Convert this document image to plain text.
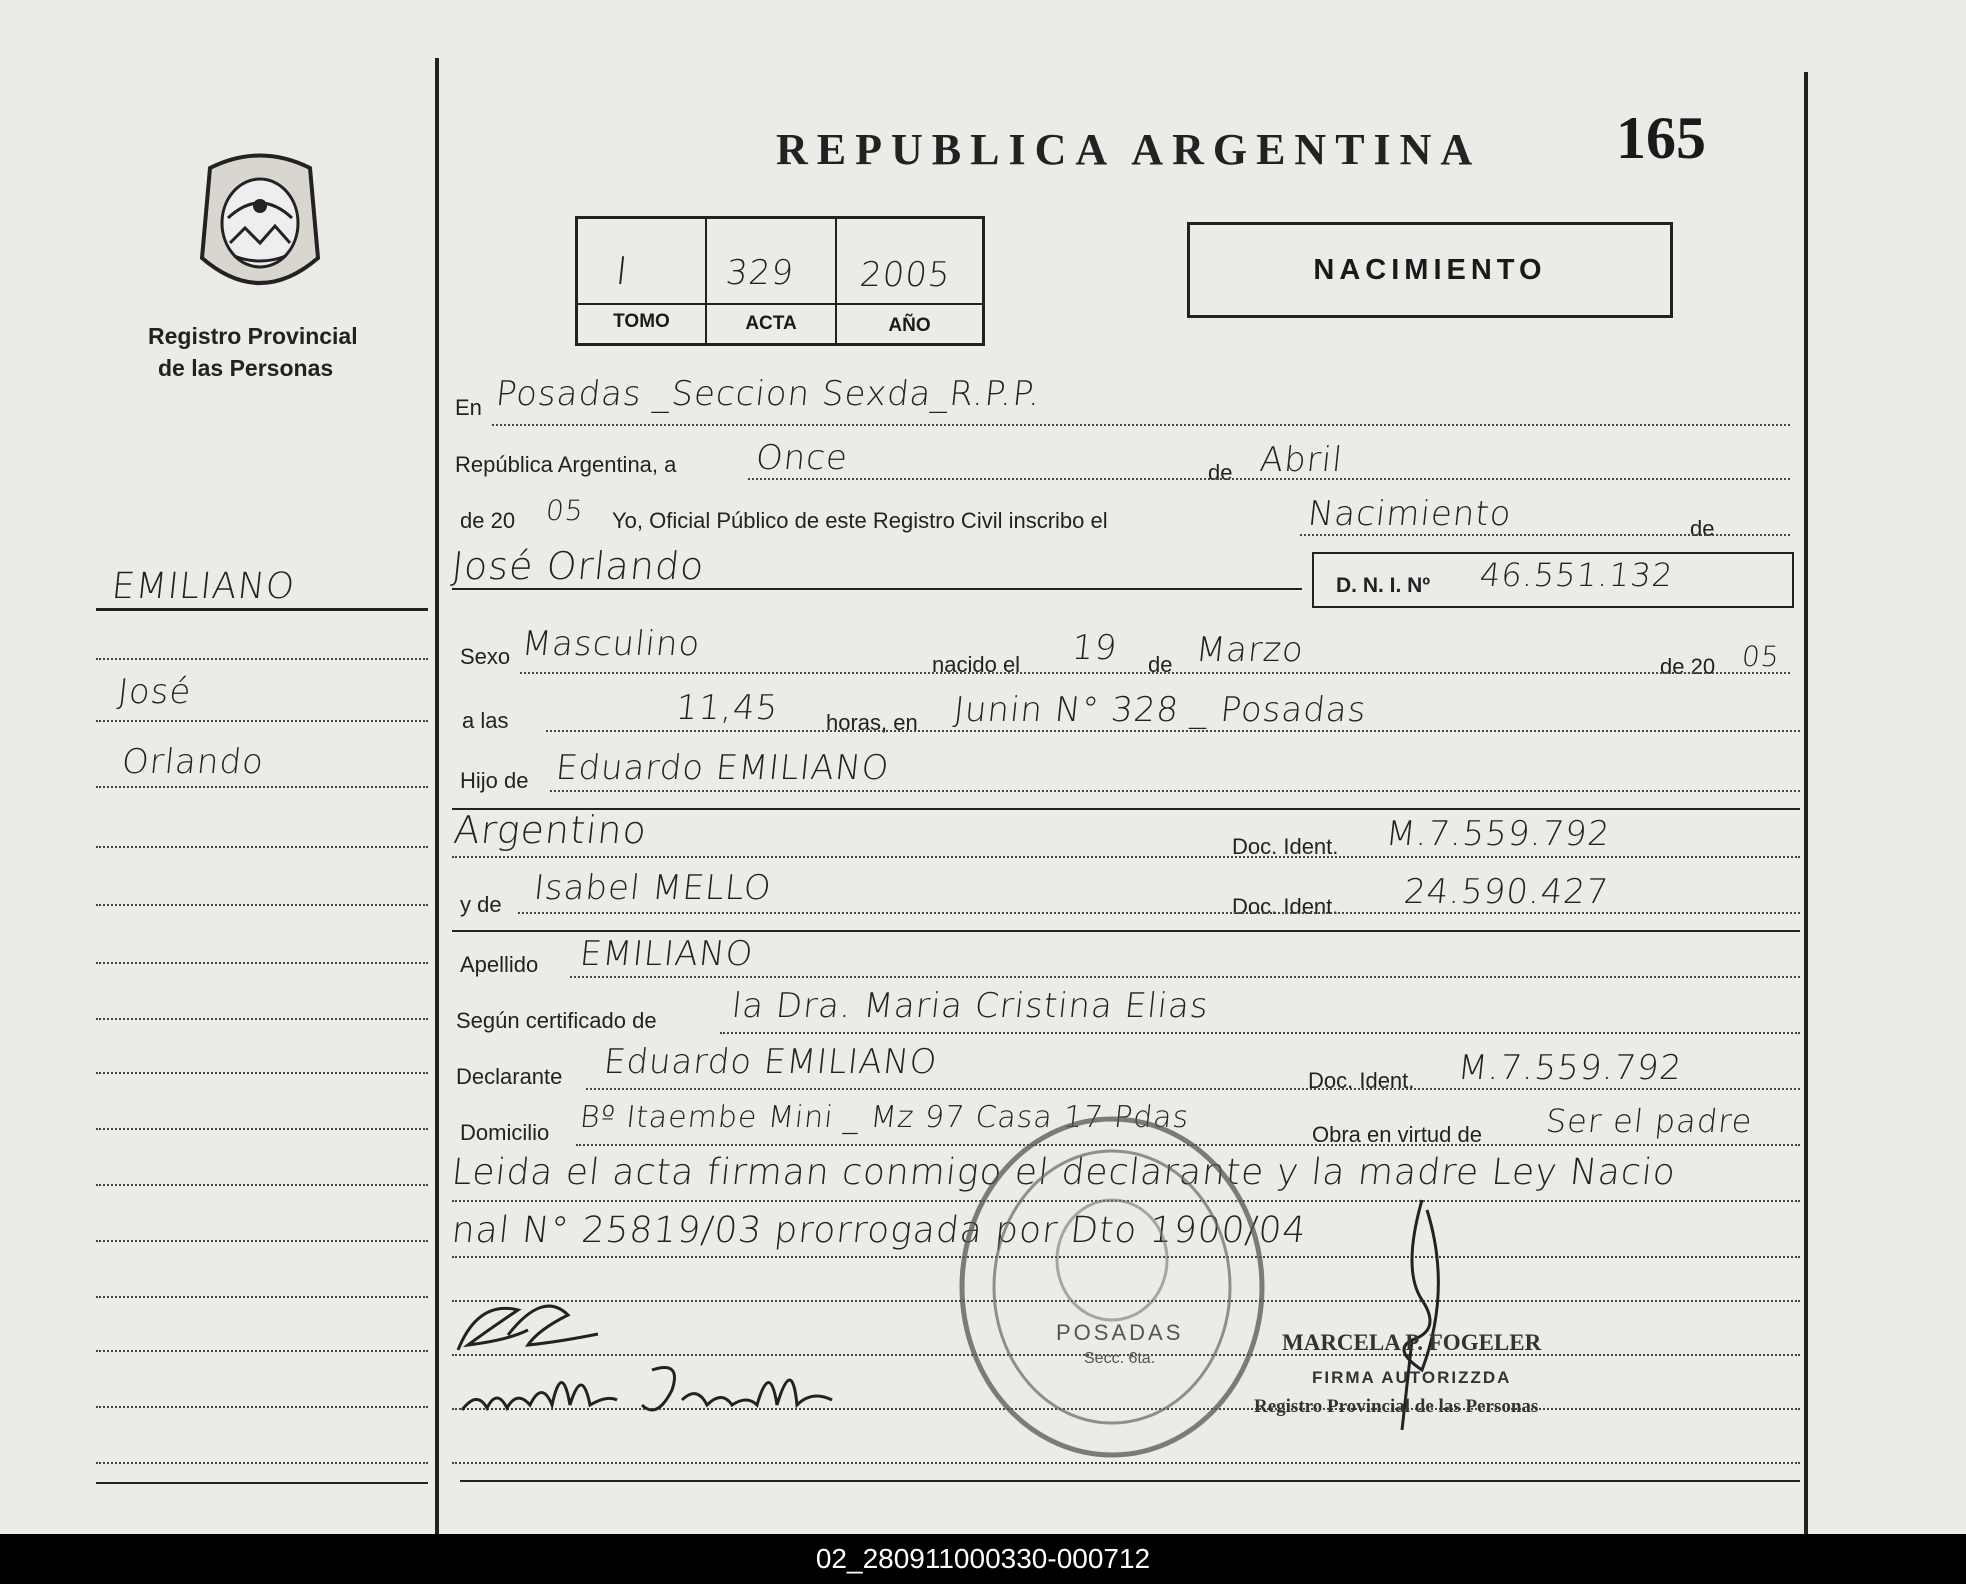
Registro Provincial
de las Personas
EMILIANO
José
Orlando
REPUBLICA ARGENTINA 165
I	329 2005
TOMO	ACTA	AÑO
NACIMIENTO
En Posadas _Seccion Sexda_R.P.P.
República Argentina, a Once	de Abril
de 20 05 Yo, Oficial Público de este Registro Civil inscribo el	Nacimiento	de
José Orlando	D. N. I. Nº 46.551.132
Sexo Masculino
nacido el 19 de Marzo	de 20 05
a las	11,45 horas, en Junin N° 328 _ Posadas
Hijo de Eduardo EMILIANO
Argentino	Doc. Ident. M.7.559.792
y de Isabel MELLO	Doc. Ident. 24.590.427
Apellido EMILIANO
Según certificado de la Dra. Maria Cristina Elias
Declarante Eduardo EMILIANO	Doc. Ident. M.7.559.792
Domicilio Bº Itaembe Mini _ Mz 97 Casa 17 Pdas	Obra en virtud de Ser el padre
Leida el acta firman conmigo el declarante y la madre Ley Nacio
nal N° 25819/03 prorrogada por Dto 1900/04
POSADAS
Secc. 6ta.
MARCELA P. FOGELER
FIRMA AUTORIZZDA
Registro Provincial de las Personas
02_280911000330-000712
